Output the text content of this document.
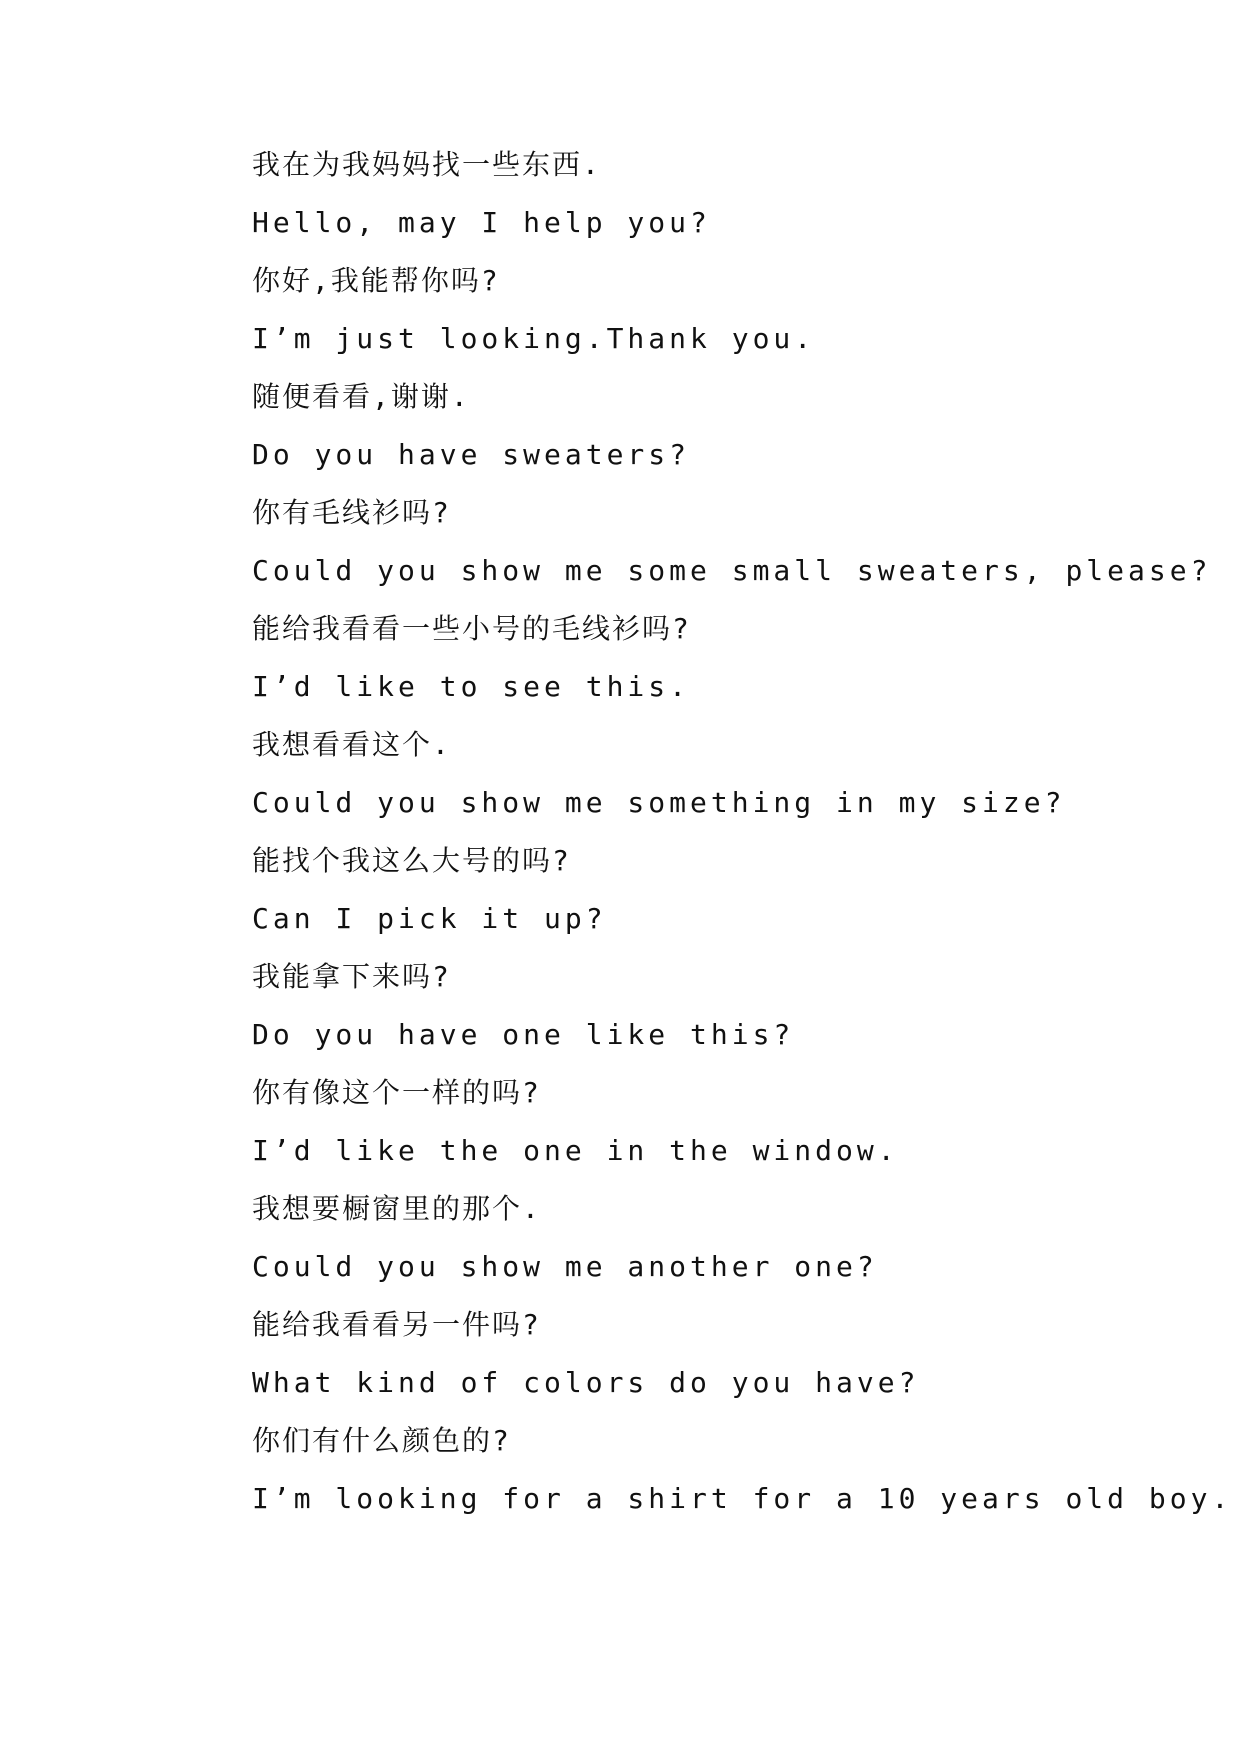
我在为我妈妈找一些东西.
Hello, may I help you?
你好,我能帮你吗?
I’m just looking.Thank you.
随便看看,谢谢.
Do you have sweaters?
你有毛线衫吗?
Could you show me some small sweaters, please?
能给我看看一些小号的毛线衫吗?
I’d like to see this.
我想看看这个.
Could you show me something in my size?
能找个我这么大号的吗?
Can I pick it up?
我能拿下来吗?
Do you have one like this?
你有像这个一样的吗?
I’d like the one in the window.
我想要橱窗里的那个.
Could you show me another one?
能给我看看另一件吗?
What kind of colors do you have?
你们有什么颜色的?
I’m looking for a shirt for a 10 years old boy.
